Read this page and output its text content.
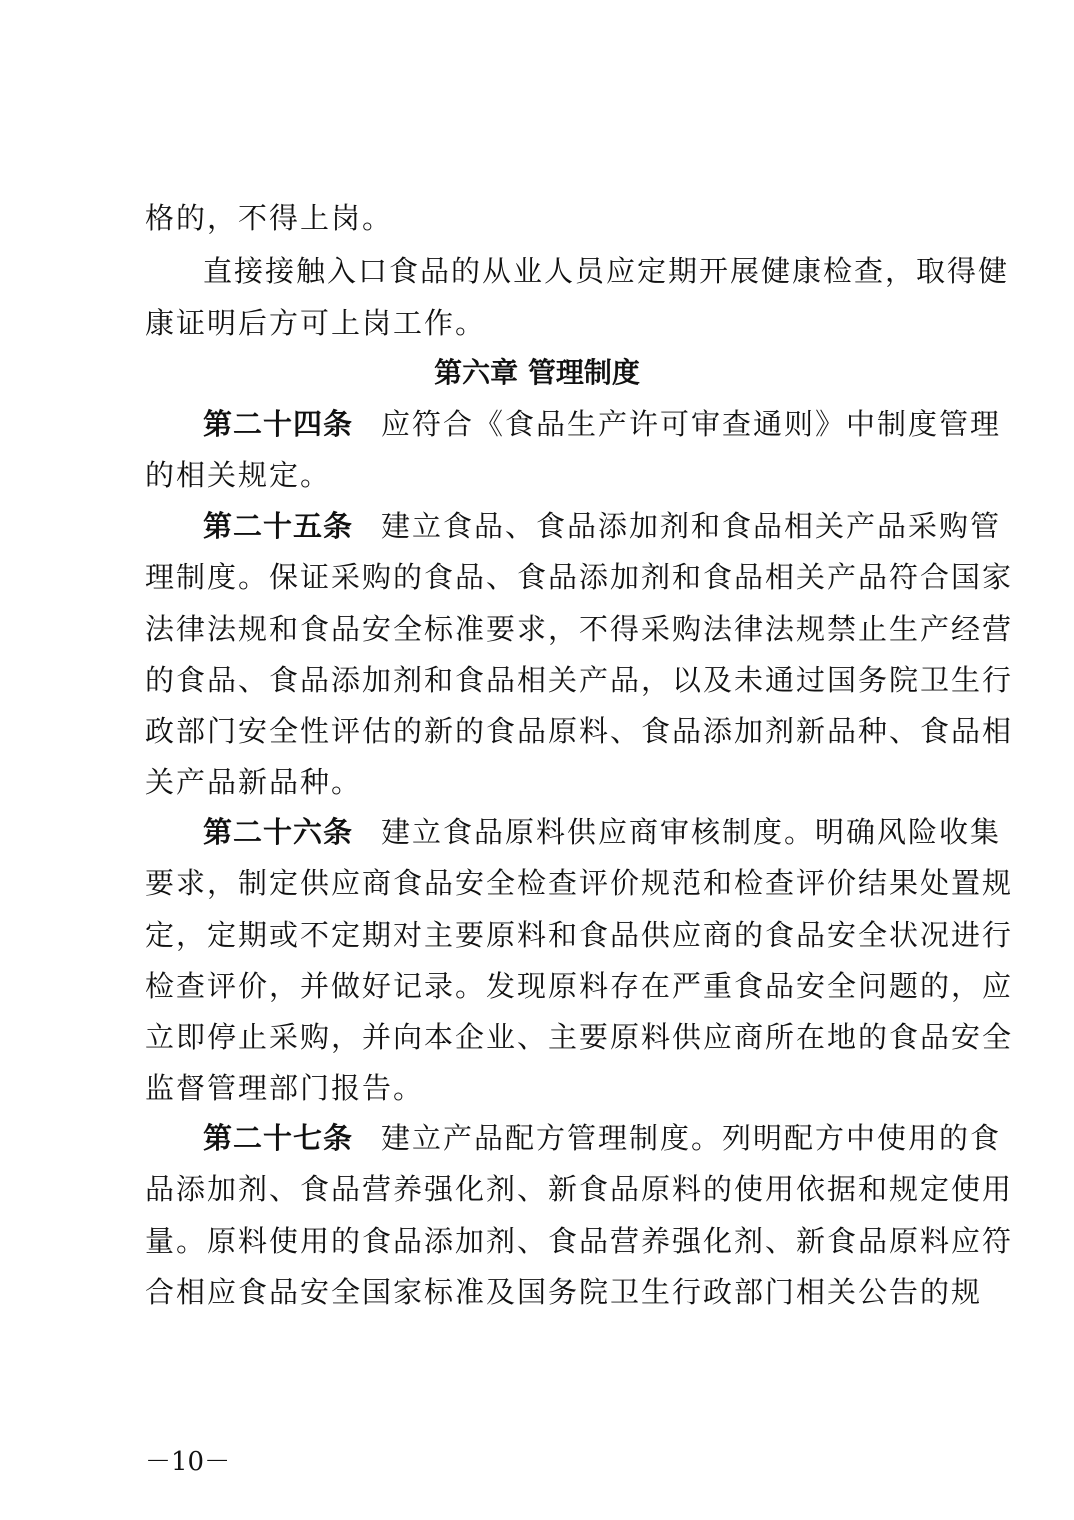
格的，不得上岗。
直接接触入口食品的从业人员应定期开展健康检查，取得健
康证明后方可上岗工作。
第六章 管理制度
第二十四条 应符合《食品生产许可审查通则》中制度管理
的相关规定。
第二十五条 建立食品、食品添加剂和食品相关产品采购管
理制度。保证采购的食品、食品添加剂和食品相关产品符合国家
法律法规和食品安全标准要求，不得采购法律法规禁止生产经营
的食品、食品添加剂和食品相关产品，以及未通过国务院卫生行
政部门安全性评估的新的食品原料、食品添加剂新品种、食品相
关产品新品种。
第二十六条 建立食品原料供应商审核制度。明确风险收集
要求，制定供应商食品安全检查评价规范和检查评价结果处置规
定，定期或不定期对主要原料和食品供应商的食品安全状况进行
检查评价，并做好记录。发现原料存在严重食品安全问题的，应
立即停止采购，并向本企业、主要原料供应商所在地的食品安全
监督管理部门报告。
第二十七条 建立产品配方管理制度。列明配方中使用的食
品添加剂、食品营养强化剂、新食品原料的使用依据和规定使用
量。原料使用的食品添加剂、食品营养强化剂、新食品原料应符
合相应食品安全国家标准及国务院卫生行政部门相关公告的规
－10－
